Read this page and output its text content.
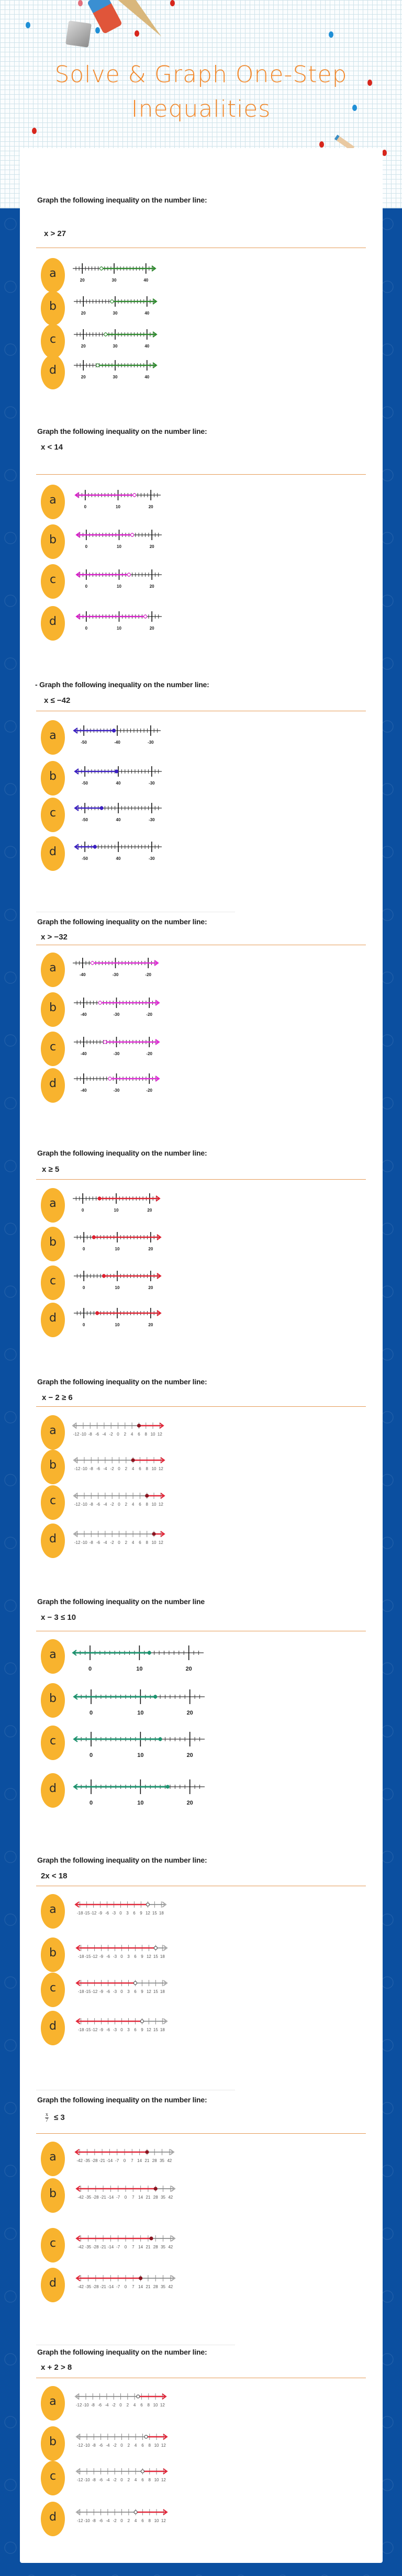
Solve & Graph One-Step
Inequalities
Graph the following inequality on the number line:
x > 27
a
20	30	40
b
20	30	40
c
20	30	40
d
20	30	40
Graph the following inequality on the number line:
x < 14
a
0	10	20
b
0	10	20
c
0	10	20
d
0	10	20
- Graph the following inequality on the number line:
x ≤ −42
a
-50	-40	-30
b
-50	40	-30
c
-50	40	-30
d
-50	40	-30
Graph the following inequality on the number line:
x > −32
a
-40	-30	-20
b
-40	-30	-20
c
-40	-30	-20
d
-40	-30	-20
Graph the following inequality on the number line:
x ≥ 5
a
0	10	20
b
0	10	20
c
0	10	20
d
0	10	20
Graph the following inequality on the number line:
x − 2 ≥ 6
a	-12 -10 -8 -6 -4 -2 0 2 4 6 8 10 12
b	-12 -10 -8 -6 -4 -2 0 2 4 6 8 10 12
c	-12 -10 -8 -6 -4 -2 0 2 4 6 8 10 12
d	-12 -10 -8 -6 -4 -2 0 2 4 6 8 10 12
Graph the following inequality on the number line
x − 3 ≤ 10
a
0	10	20
b
0	10	20
c
0	10	20
d
0	10	20
Graph the following inequality on the number line:
2x < 18
a	-18 -15 -12 -9 -6 -3 0 3 6 9 12 15 18
b	-18 -15 -12 -9 -6 -3 0 3 6 9 12 15 18
c	-18 -15 -12 -9 -6 -3 0 3 6 9 12 15 18
d	-18 -15 -12 -9 -6 -3 0 3 6 9 12 15 18
Graph the following inequality on the number line:
$\frac{x}{7} \le 3$
a	-42 -35 -28 -21 -14 -7 0 7 14 21 28 35 42
b	-42 -35 -28 -21 -14 -7 0 7 14 21 28 35 42
c	-42 -35 -28 -21 -14 -7 0 7 14 21 28 35 42
d	-42 -35 -28 -21 -14 -7 0 7 14 21 28 35 42
Graph the following inequality on the number line:
x + 2 > 8
a	-12 -10 -8 -6 -4 -2 0 2 4 6 8 10 12
b	-12 -10 -8 -6 -4 -2 0 2 4 6 8 10 12
c	-12 -10 -8 -6 -4 -2 0 2 4 6 8 10 12
d	-12 -10 -8 -6 -4 -2 0 2 4 6 8 10 12
